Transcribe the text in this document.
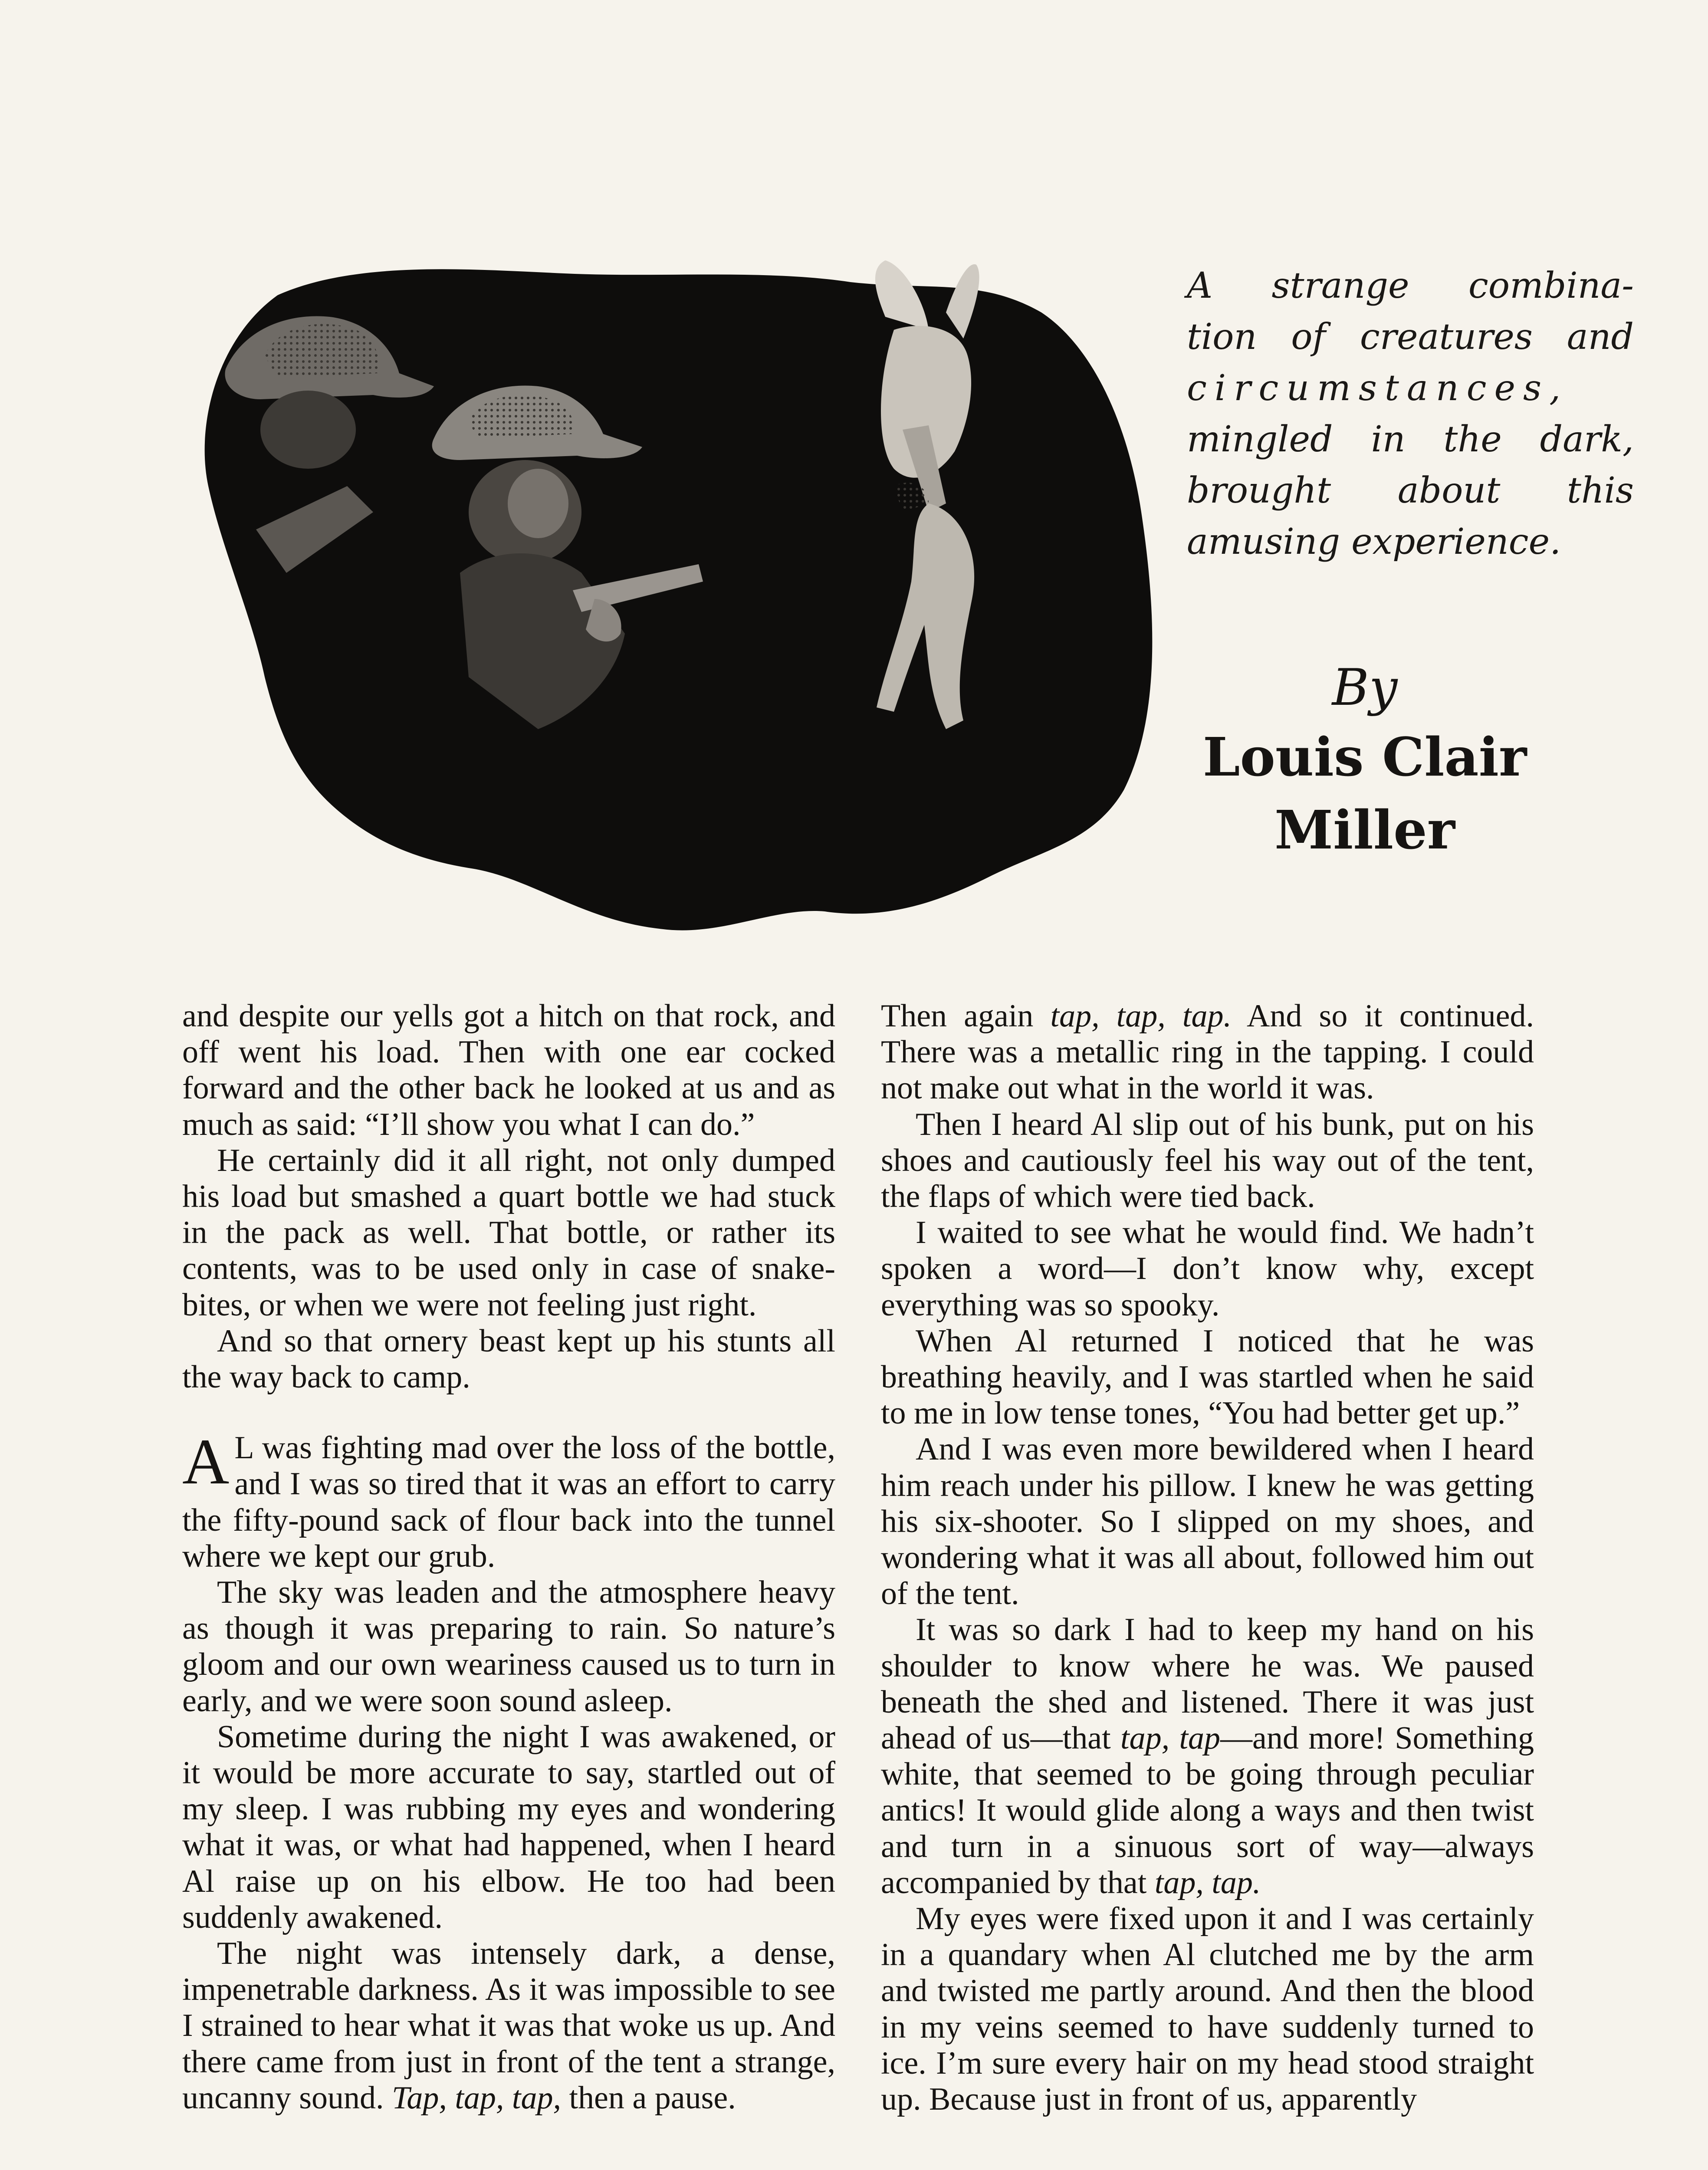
A strange combina-
tion of creatures and
circumstances,
mingled in the dark,
brought about this
amusing experience.
By
Louis Clair
Miller

and despite our yells got a hitch on that rock, and off went his load. Then with one ear cocked forward and the other back he looked at us and as much as said: “I’ll show you what I can do.”

He certainly did it all right, not only dumped his load but smashed a quart bottle we had stuck in the pack as well. That bottle, or rather its contents, was to be used only in case of snake-bites, or when we were not feeling just right.

And so that ornery beast kept up his stunts all the way back to camp.

A L was fighting mad over the loss of the bottle, and I was so tired that it was an effort to carry the fifty-pound sack of flour back into the tunnel where we kept our grub.

The sky was leaden and the atmosphere heavy as though it was preparing to rain. So nature’s gloom and our own weariness caused us to turn in early, and we were soon sound asleep.

Sometime during the night I was awakened, or it would be more accurate to say, startled out of my sleep. I was rubbing my eyes and wondering what it was, or what had happened, when I heard Al raise up on his elbow. He too had been suddenly awakened.

The night was intensely dark, a dense, impenetrable darkness. As it was impossible to see I strained to hear what it was that woke us up. And there came from just in front of the tent a strange, uncanny sound. Tap, tap, tap, then a pause.

Then again tap, tap, tap. And so it continued. There was a metallic ring in the tapping. I could not make out what in the world it was.

Then I heard Al slip out of his bunk, put on his shoes and cautiously feel his way out of the tent, the flaps of which were tied back.

I waited to see what he would find. We hadn’t spoken a word—I don’t know why, except everything was so spooky.

When Al returned I noticed that he was breathing heavily, and I was startled when he said to me in low tense tones, “You had better get up.”

And I was even more bewildered when I heard him reach under his pillow. I knew he was getting his six-shooter. So I slipped on my shoes, and wondering what it was all about, followed him out of the tent.

It was so dark I had to keep my hand on his shoulder to know where he was. We paused beneath the shed and listened. There it was just ahead of us—that tap, tap—and more! Something white, that seemed to be going through peculiar antics! It would glide along a ways and then twist and turn in a sinuous sort of way—always accompanied by that tap, tap.

My eyes were fixed upon it and I was certainly in a quandary when Al clutched me by the arm and twisted me partly around. And then the blood in my veins seemed to have suddenly turned to ice. I’m sure every hair on my head stood straight up. Because just in front of us, apparently
